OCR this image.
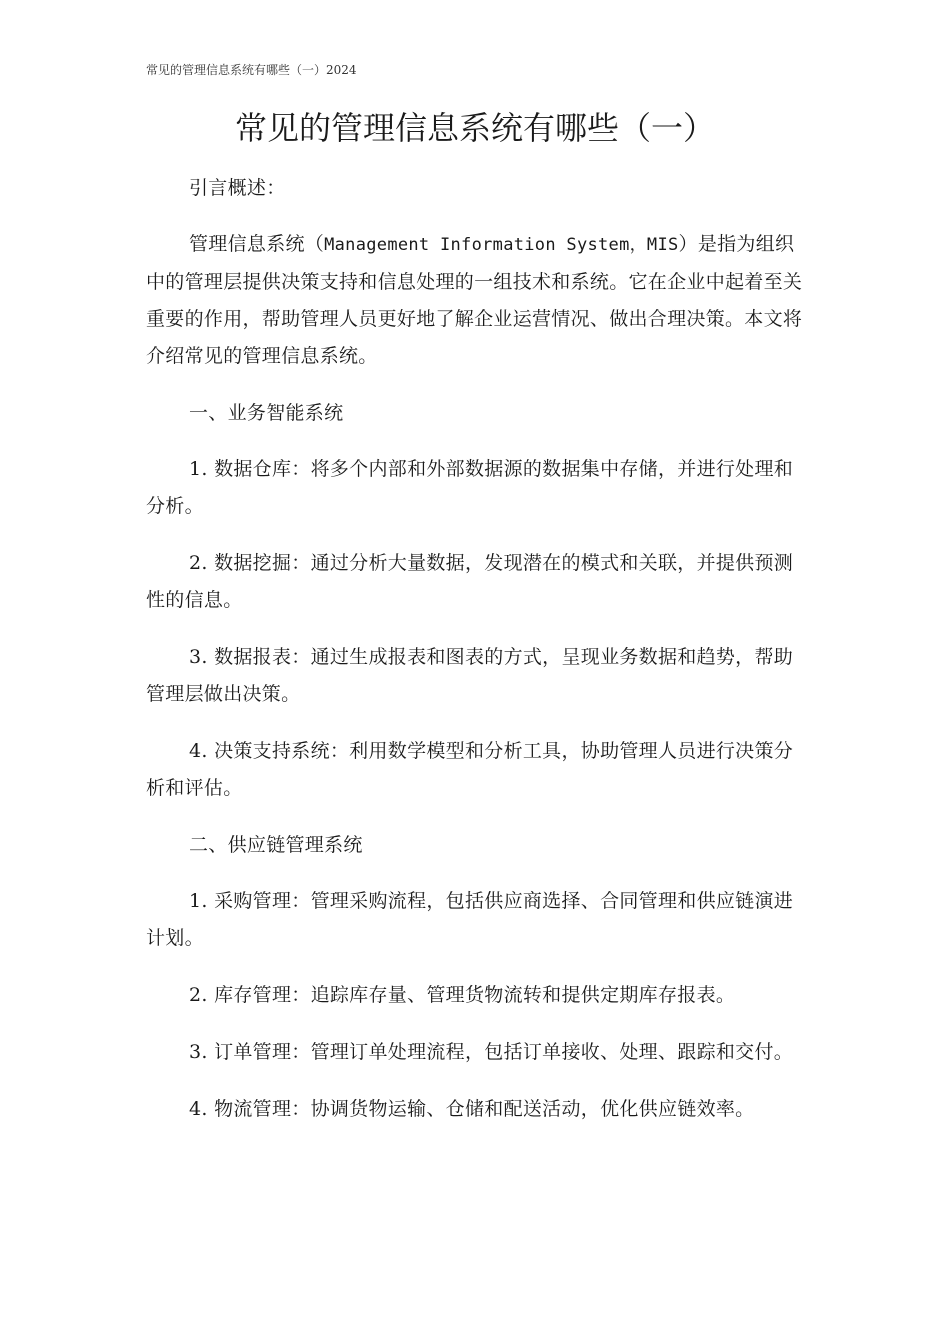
常见的管理信息系统有哪些（一）2024
常见的管理信息系统有哪些（一）

引言概述：

管理信息系统（Management Information System，MIS）是指为组织中的管理层提供决策支持和信息处理的一组技术和系统。它在企业中起着至关重要的作用，帮助管理人员更好地了解企业运营情况、做出合理决策。本文将介绍常见的管理信息系统。

一、业务智能系统

1. 数据仓库：将多个内部和外部数据源的数据集中存储，并进行处理和分析。

2. 数据挖掘：通过分析大量数据，发现潜在的模式和关联，并提供预测性的信息。

3. 数据报表：通过生成报表和图表的方式，呈现业务数据和趋势，帮助管理层做出决策。

4. 决策支持系统：利用数学模型和分析工具，协助管理人员进行决策分析和评估。

二、供应链管理系统

1. 采购管理：管理采购流程，包括供应商选择、合同管理和供应链演进计划。

2. 库存管理：追踪库存量、管理货物流转和提供定期库存报表。

3. 订单管理：管理订单处理流程，包括订单接收、处理、跟踪和交付。

4. 物流管理：协调货物运输、仓储和配送活动，优化供应链效率。
